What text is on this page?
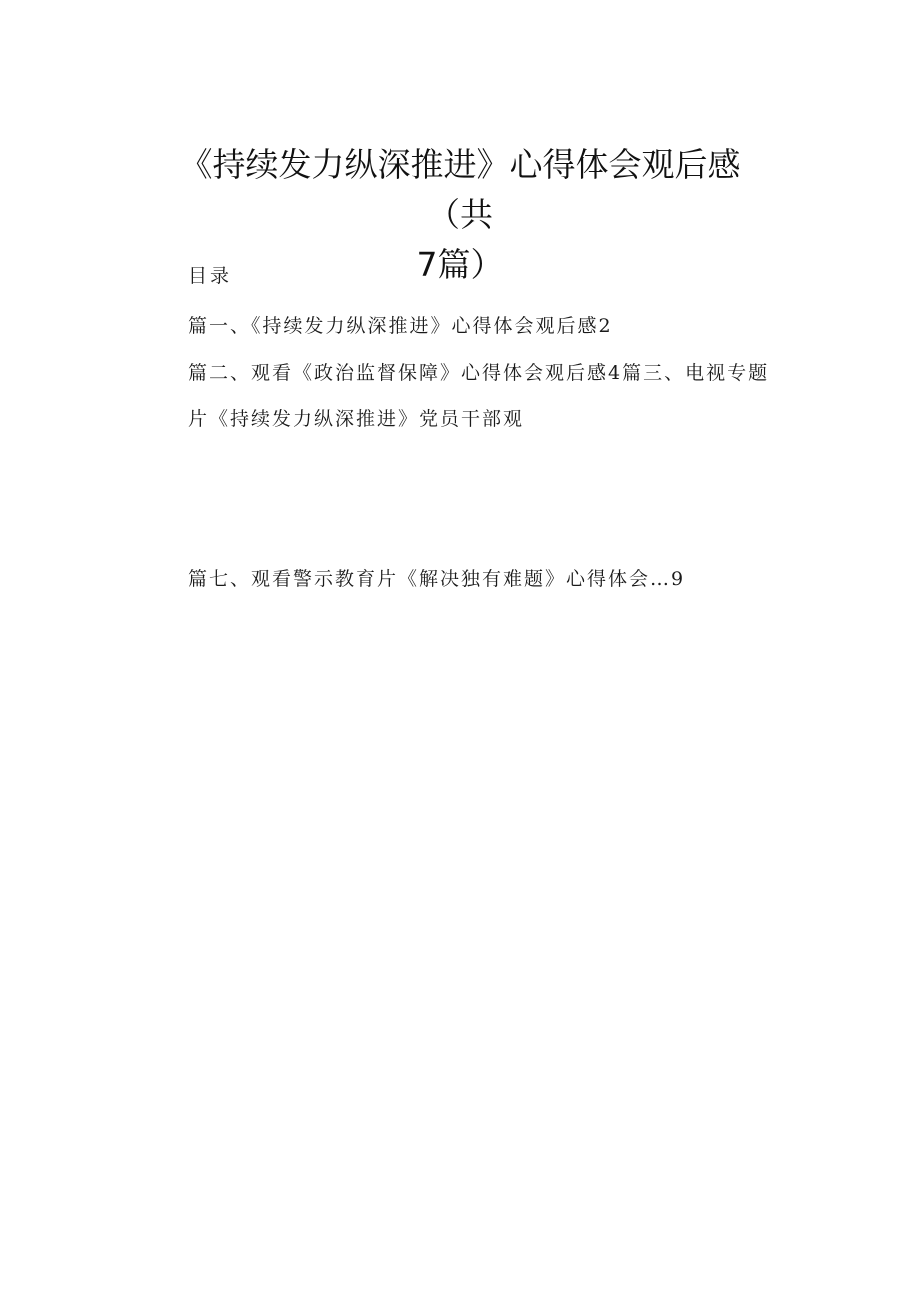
《持续发力纵深推进》心得体会观后感（共
7篇）
目录
篇一、《持续发力纵深推进》心得体会观后感2
篇二、观看《政治监督保障》心得体会观后感4篇三、电视专题
片《持续发力纵深推进》党员干部观
篇七、观看警示教育片《解决独有难题》心得体会…9
